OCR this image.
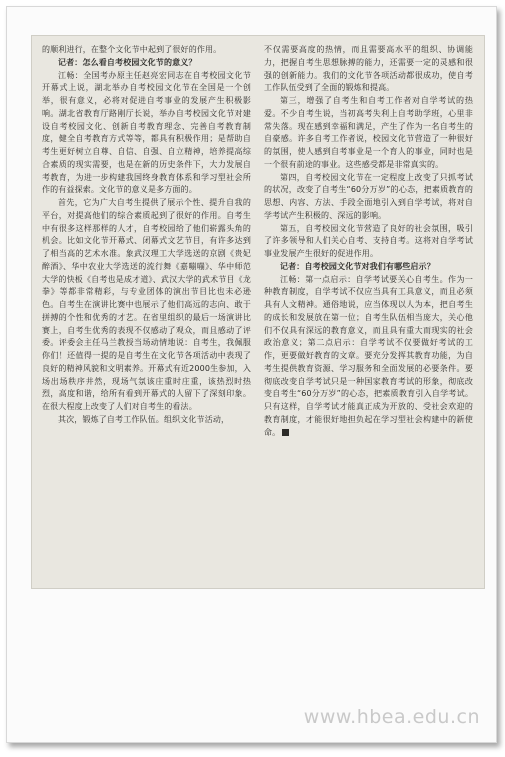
的顺利进行，在整个文化节中起到了很好的作用。

记者：怎么看自考校园文化节的意义？

江畅：全国考办原主任赵亮宏同志在自考校园文化节开幕式上说，湖北举办自考校园文化节在全国是一个创举，很有意义，必将对促进自考事业的发展产生积极影响。湖北省教育厅路刚厅长说，举办自考校园文化节对建设自考校园文化、创新自考教育理念、完善自考教育制度，健全自考教育方式等等，都具有积极作用；是帮助自考生更好树立自尊、自信、自强、自立精神，培养提高综合素质的现实需要，也是在新的历史条件下，大力发展自考教育，为进一步构建我国终身教育体系和学习型社会所作的有益探索。文化节的意义是多方面的。

首先，它为广大自考生提供了展示个性、提升自我的平台，对提高他们的综合素质起到了很好的作用。自考生中有很多这样那样的人才，自考校园给了他们崭露头角的机会。比如文化节开幕式、闭幕式文艺节目，有许多达到了相当高的艺术水准。象武汉理工大学选送的京剧《贵妃醉酒》、华中农业大学选送的流行舞《嘉嘣嘣》、华中师范大学的快板《自考也是成才道》、武汉大学的武术节目《龙拳》等都非常精彩，与专业团体的演出节目比也未必逊色。自考生在演讲比赛中也展示了他们高远的志向、敢于拼搏的个性和优秀的才艺。在省里组织的最后一场演讲比赛上，自考生优秀的表现不仅感动了观众，而且感动了评委。评委会主任马兰教授当场动情地说：自考生，我佩服你们！还值得一提的是自考生在文化节各项活动中表现了良好的精神风貌和文明素养。开幕式有近2000生参加，入场出场秩序井然，现场气氛该庄重时庄重，该热烈时热烈，高度和谐，给所有看到开幕式的人留下了深刻印象。在很大程度上改变了人们对自考生的看法。

其次，锻炼了自考工作队伍。组织文化节活动，

不仅需要高度的热情，而且需要高水平的组织、协调能力，把握自考生思想脉搏的能力，还需要一定的灵感和很强的创新能力。我们的文化节各项活动都很成功，使自考工作队伍受到了全面的锻炼和提高。

第三，增强了自考生和自考工作者对自学考试的热爱。不少自考生说，当初高考失利上自考助学班，心里非常失落。现在感到幸福和满足，产生了作为一名自考生的自豪感。许多自考工作者说，校园文化节营造了一种很好的氛围，使人感到自考事业是一个育人的事业，同时也是一个很有前途的事业。这些感受都是非常真实的。

第四，自考校园文化节在一定程度上改变了只抓考试的状况，改变了自考生“60分万岁”的心态，把素质教育的思想、内容、方法、手段全面地引入到自学考试，将对自学考试产生积极的、深远的影响。

第五，自考校园文化节营造了良好的社会氛围，吸引了许多领导和人们关心自考、支持自考。这将对自学考试事业发展产生很好的促进作用。

记者：自考校园文化节对我们有哪些启示？

江畅：第一点启示：自学考试要关心自考生。作为一种教育制度，自学考试不仅应当具有工具意义，而且必须具有人文精神。通俗地说，应当体现以人为本，把自考生的成长和发展放在第一位；自考生队伍相当庞大，关心他们不仅具有深远的教育意义，而且具有重大而现实的社会政治意义；第二点启示：自学考试不仅要做好考试的工作，更要做好教育的文章。要充分发挥其教育功能，为自考生提供教育资源、学习服务和全面发展的必要条件。要彻底改变自学考试只是一种国家教育考试的形象，彻底改变自考生“60分万岁”的心态，把素质教育引入自学考试。只有这样，自学考试才能真正成为开放的、受社会欢迎的教育制度，才能很好地担负起在学习型社会构建中的新使命。

www.hbea.edu.cn
